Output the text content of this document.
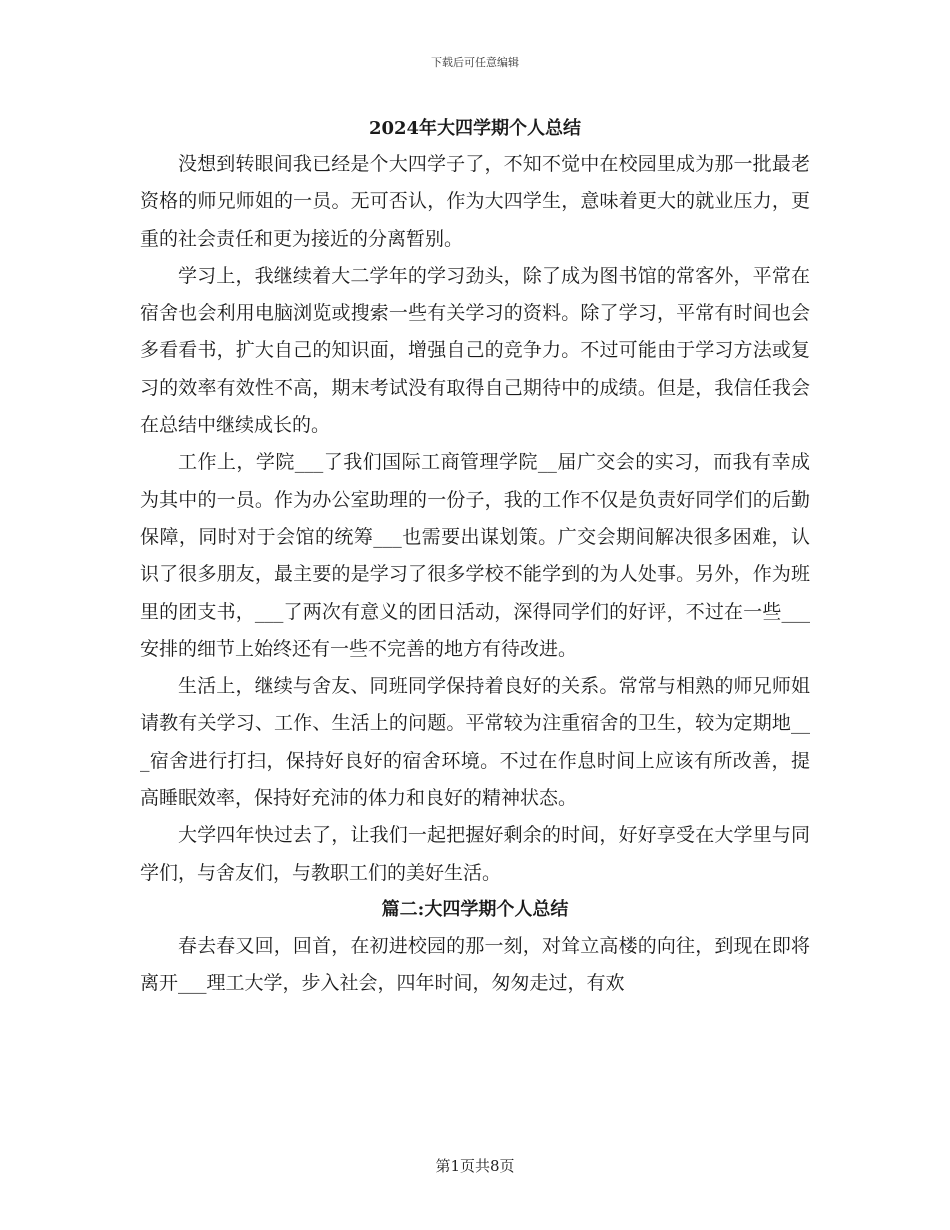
下载后可任意编辑
2024年大四学期个人总结

没想到转眼间我已经是个大四学子了，不知不觉中在校园里成为那一批最老资格的师兄师姐的一员。无可否认，作为大四学生，意味着更大的就业压力，更重的社会责任和更为接近的分离暂别。

学习上，我继续着大二学年的学习劲头，除了成为图书馆的常客外，平常在宿舍也会利用电脑浏览或搜索一些有关学习的资料。除了学习，平常有时间也会多看看书，扩大自己的知识面，增强自己的竞争力。不过可能由于学习方法或复习的效率有效性不高，期末考试没有取得自己期待中的成绩。但是，我信任我会在总结中继续成长的。

工作上，学院___了我们国际工商管理学院__届广交会的实习，而我有幸成为其中的一员。作为办公室助理的一份子，我的工作不仅是负责好同学们的后勤保障，同时对于会馆的统筹___也需要出谋划策。广交会期间解决很多困难，认识了很多朋友，最主要的是学习了很多学校不能学到的为人处事。另外，作为班里的团支书，___了两次有意义的团日活动，深得同学们的好评，不过在一些___安排的细节上始终还有一些不完善的地方有待改进。

生活上，继续与舍友、同班同学保持着良好的关系。常常与相熟的师兄师姐请教有关学习、工作、生活上的问题。平常较为注重宿舍的卫生，较为定期地___宿舍进行打扫，保持好良好的宿舍环境。不过在作息时间上应该有所改善，提高睡眠效率，保持好充沛的体力和良好的精神状态。

大学四年快过去了，让我们一起把握好剩余的时间，好好享受在大学里与同学们，与舍友们，与教职工们的美好生活。

篇二:大四学期个人总结

春去春又回，回首，在初进校园的那一刻，对耸立高楼的向往，到现在即将离开___理工大学，步入社会，四年时间，匆匆走过，有欢

第1页共8页
